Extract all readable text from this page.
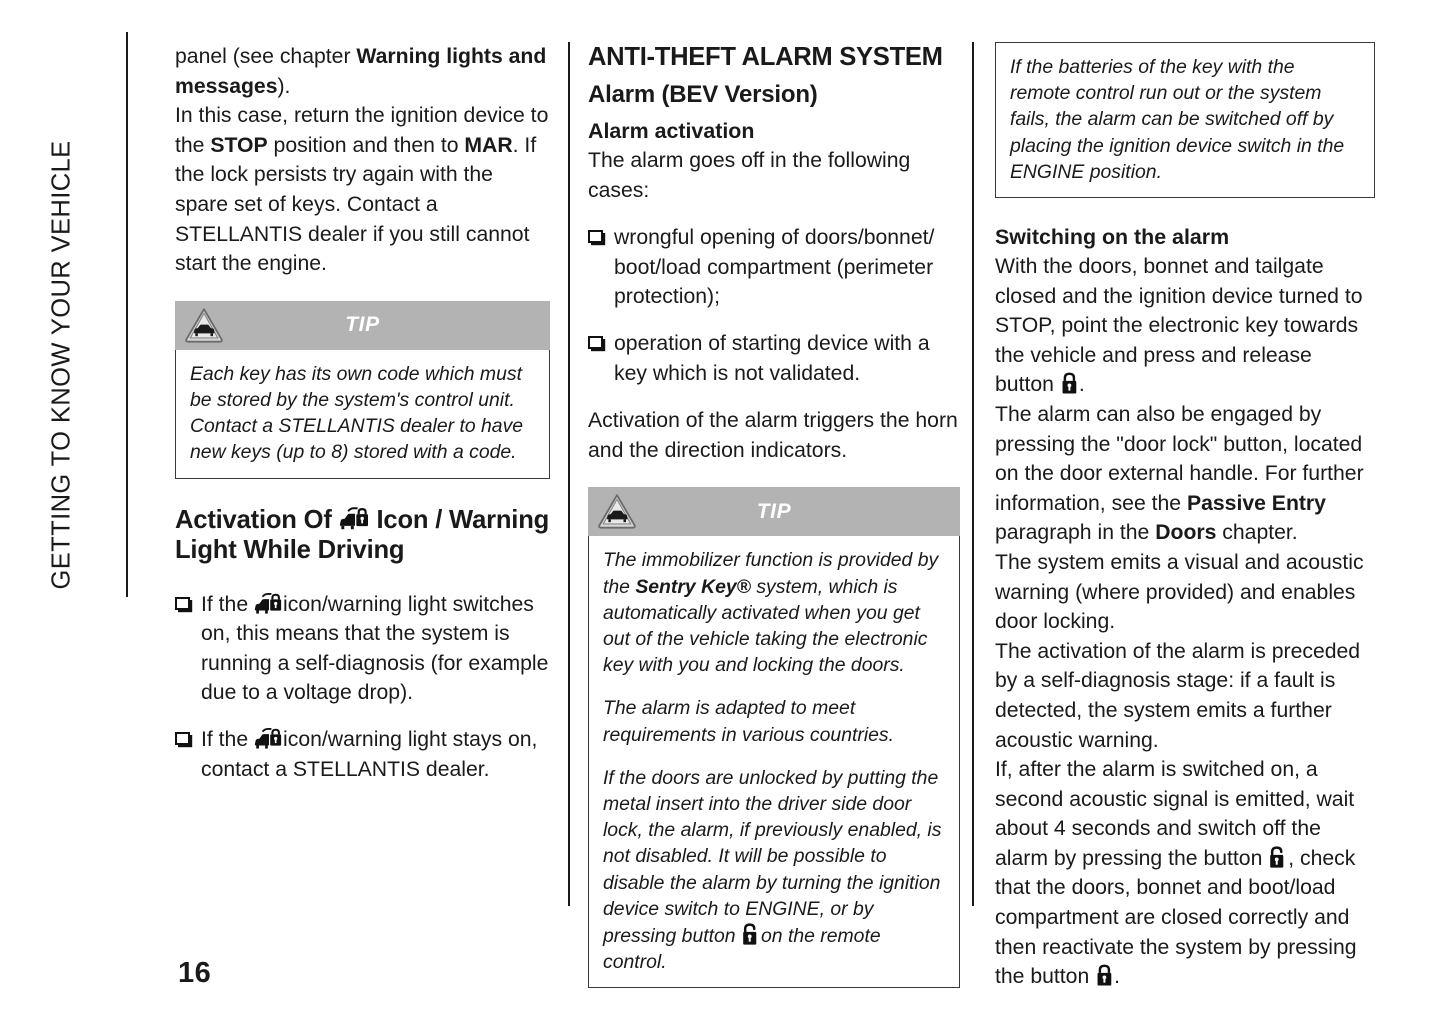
GETTING TO KNOW YOUR VEHICLE

panel (see chapter Warning lights and messages).

In this case, return the ignition device to the STOP position and then to MAR. If the lock persists try again with the spare set of keys. Contact a STELLANTIS dealer if you still cannot start the engine.

TIP

Each key has its own code which must be stored by the system's control unit. Contact a STELLANTIS dealer to have new keys (up to 8) stored with a code.

Activation Of Icon / Warning Light While Driving
If the icon/warning light switches on, this means that the system is running a self-diagnosis (for example due to a voltage drop).
If the icon/warning light stays on, contact a STELLANTIS dealer.
ANTI-THEFT ALARM SYSTEM
Alarm (BEV Version)
Alarm activation

The alarm goes off in the following cases:

wrongful opening of doors/bonnet/ boot/load compartment (perimeter protection);
operation of starting device with a key which is not validated.

Activation of the alarm triggers the horn and the direction indicators.

TIP

The immobilizer function is provided by the Sentry Key® system, which is automatically activated when you get out of the vehicle taking the electronic key with you and locking the doors.

The alarm is adapted to meet requirements in various countries.

If the doors are unlocked by putting the metal insert into the driver side door lock, the alarm, if previously enabled, is not disabled. It will be possible to disable the alarm by turning the ignition device switch to ENGINE, or by pressing button on the remote control.

If the batteries of the key with the remote control run out or the system fails, the alarm can be switched off by placing the ignition device switch in the ENGINE position.

Switching on the alarm

With the doors, bonnet and tailgate closed and the ignition device turned to STOP, point the electronic key towards the vehicle and press and release button .

The alarm can also be engaged by pressing the "door lock" button, located on the door external handle. For further information, see the Passive Entry paragraph in the Doors chapter.

The system emits a visual and acoustic warning (where provided) and enables door locking.

The activation of the alarm is preceded by a self-diagnosis stage: if a fault is detected, the system emits a further acoustic warning.

If, after the alarm is switched on, a second acoustic signal is emitted, wait about 4 seconds and switch off the alarm by pressing the button , check that the doors, bonnet and boot/load compartment are closed correctly and then reactivate the system by pressing the button .

16
